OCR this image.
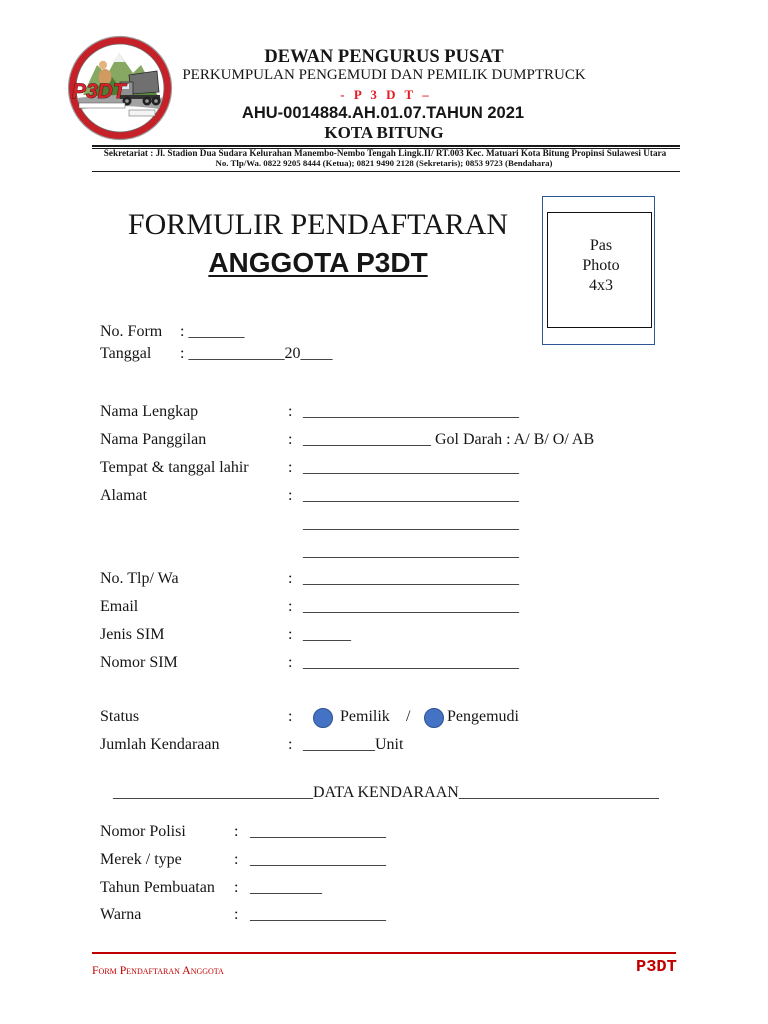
P3DT
DEWAN PENGURUS PUSAT
PERKUMPULAN PENGEMUDI DAN PEMILIK DUMPTRUCK
- P 3 D T –
AHU-0014884.AH.01.07.TAHUN 2021
KOTA BITUNG
Sekretariat : Jl. Stadion Dua Sudara Kelurahan Manembo-Nembo Tengah Lingk.II/ RT.003 Kec. Matuari Kota Bitung Propinsi Sulawesi Utara
No. Tlp/Wa. 0822 9205 8444 (Ketua); 0821 9490 2128 (Sekretaris); 0853 9723 (Bendahara)
FORMULIR PENDAFTARAN
ANGGOTA P3DT
Pas
Photo
4x3
No. Form : _______
Tanggal : ____________20____
Nama Lengkap	: ___________________________
Nama Panggilan	: ________________ Gol Darah : A/ B/ O/ AB
Tempat & tanggal lahir : ___________________________
Alamat	: ___________________________
___________________________
___________________________
No. Tlp/ Wa	: ___________________________
Email	: ___________________________
Jenis SIM	: ______
Nomor SIM	: ___________________________
Status	:	Pemilik / Pengemudi
Jumlah Kendaraan	: _________Unit
_________________________DATA KENDARAAN_________________________
Nomor Polisi	: _________________
Merek / type	: _________________
Tahun Pembuatan : _________
Warna	: _________________
Form Pendaftaran Anggota	P3DT
